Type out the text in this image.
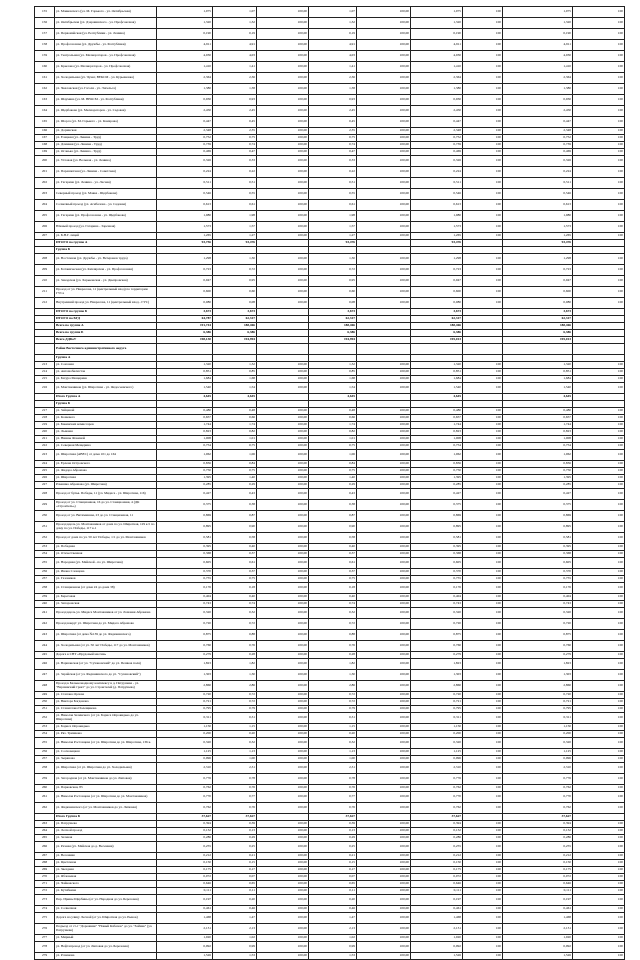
155	ул. Маяковского (ул. М. Горького - ул. Октябрьская)	1,075	1,07	100,00	1,07	100,00	1,075	100	1,075	100
156	ул. Октябрьская (ул. Дзержинского - ул. Профсоюзная)	1,320	1,32	100,00	1,32	100,00	1,320	100	1,320	100
157	ул. Первомайская (ул. Республики - ул. Ленина)	0,190	0,19	100,00	0,19	100,00	0,190	100	0,190	100
158	ул. Профсоюзная (ул. Дружбы - ул. Республики)	4,911	4,91	100,00	4,91	100,00	4,911	100	4,911	100
159	ул. Театральная (ул. Мелиораторов - ул. Профсоюзная)	4,030	4,03	100,00	4,03	100,00	4,030	100	4,030	100
160	ул. Крылова (ул. Мелиораторов - ул. Профсоюзная)	1,410	1,41	100,00	1,41	100,00	1,410	100	1,410	100
161	ул. Холодильная (ул. Чунаг, ВЕКСМ - ул. Курьяновка)	2,364	2,36	100,00	2,36	100,00	2,364	100	2,364	100
162	ул. Чкаловская (ул. Гоголя - ул. Энгельса)	1,380	1,38	100,00	1,38	100,00	1,380	100	1,380	100
163	ул. Шаумяна (ул. М. ВЕКСМ - ул. Республики)	0,930	0,93	100,00	0,93	100,00	0,930	100	0,930	100
164	ул. Щербакова (ул. Мелиораторов - ул. Садовая)	2,450	2,45	100,00	2,45	100,00	2,450	100	2,450	100
165	ул. Шорса (ул. М. Горького - ул. Комарова)	0,447	0,45	100,00	0,45	100,00	0,447	100	0,447	100
166	ул. Доринская	2,348	2,35	100,00	2,35	100,00	2,348	100	2,348	100
167	ул. Елецкая (ул. Ленина - Труд)	0,752	0,75	100,00	0,75	100,00	0,752	100	0,752	100
168	ул. Длинная (ул. Ленина - Труд)	0,739	0,74	100,00	0,74	100,00	0,739	100	0,739	100
169	ул. Огонька (ул. Ленина - Труд)	0,469	0,47	100,00	0,47	100,00	0,469	100	0,469	100
200	ул. Угловая (ул. Вольная - ул. Ленина)	0,326	0,33	100,00	0,33	100,00	0,326	100	0,326	100
201	ул. Парашютная (ул. Ленина - Советская)	0,224	0,22	100,00	0,22	100,00	0,224	100	0,224	100
202	ул. Гагарина (ул. Ленина - ул. Лесная)	0,511	0,51	100,00	0,51	100,00	0,511	100	0,511	100
203	Северный проезд (ул. Маяка - Щербакова)	0,546	0,55	100,00	0,55	100,00	0,546	100	0,546	100
204	Солнечный проезд (ул. Агибалова - ул. Садовая)	0,613	0,61	100,00	0,61	100,00	0,613	100	0,613	100
205	ул. Гагарина (ул. Профсоюзная - ул. Щербакова)	1,980	1,98	100,00	1,98	100,00	1,980	100	1,980	100
206	Южный проезд (ул. Гагарина - Заречная)	1,573	1,57	100,00	1,57	100,00	1,573	100	1,573	100
207	ул. Б.Н.Г. лицей	1,265	1,27	100,00	1,27	100,00	1,265	100	1,265	100
	ИТОГО по группе А	93,756	93,476		93,476		93,476		93,476	
	Группа Б									
208	ул. Восточная (ул. Дружбы - ул. Ветеранов труда)	1,298	1,30	100,00	1,30	100,00	1,298	100	1,298	100
209	ул. Ботаническая (ул. Кизлярская - ул. Профсоюзная)	0,723	0,72	100,00	0,72	100,00	0,723	100	0,723	100
210	ул. Заводская (ул. Харьковская - ул. Днепровская)	0,947	0,95	100,00	0,95	100,00	0,947	100	0,947	100
211	Проезд от ул. Некрасова, 11 (центральный вход) по территории ГУСа	0,600	0,60	100,00	0,60	100,00	0,600	100	0,600	100
212	Внутренний проезд ул. Некрасова, 11 (центральный вход - ГУС)	0,080	0,08	100,00	0,08	100,00	0,080	100	0,080	100
	ИТОГО по группе Б	3,673	3,673		3,673		3,673		3,673	
	ИТОГО по БГД	64,787	62,317		62,317		62,317		62,317	
	Всего по группе А	191,744	188,466		188,466		188,466		188,466	
	Всего по группе Б	6,386	6,386		6,386		6,386		6,386	
	Всего ДДБоУ	198,130	194,994		194,994		195,013		195,013	
	Район Восточного административного округа									
	Группа А									
213	ул. Союзная	1,320	1,32	100,00	1,32	100,00	1,320	100	1,320	100
214	ул. Автомобилистов	0,851	0,85	100,00	0,85	100,00	0,851	100	0,851	100
215	ул. Батура Мещерина	1,684	1,68	100,00	1,68	100,00	1,684	100	1,684	100
216	ул. Монтажников (ул. Широтная - ул. Федосеевского)	1,540	1,54	100,00	1,54	100,00	1,540	100	1,540	100
	Итого Группа А	4,645	4,645		4,645		4,645		4,645	
	Группа Б									
217	ул. Зайцевой	0,480	0,48	100,00	0,48	100,00	0,480	100	0,480	100
218	ул. Кошевого	0,657	0,66	100,00	0,66	100,00	0,657	100	0,657	100
219	ул. Бакинских комиссаров	1,744	1,74	100,00	1,74	100,00	1,744	100	1,744	100
220	ул. Лыжная	0,823	0,82	100,00	0,82	100,00	0,823	100	0,823	100
221	ул. Ниины Фокиной	1,008	1,01	100,00	1,01	100,00	1,008	100	1,008	100
222	ул. Северная Мещерина	0,754	0,75	100,00	0,75	100,00	0,754	100	0,754	100
223	ул. Широтная (АВЕС) от дома 101 до 164	1,062	1,06	100,00	1,06	100,00	1,062	100	1,062	100
224	ул. Ерлена Островского	0,836	0,84	100,00	0,84	100,00	0,836	100	0,836	100
225	ул. Федора Абрамова	0,750	0,75	100,00	0,75	100,00	0,750	100	0,750	100
226	ул. Широтная	1,395	1,40	100,00	1,40	100,00	1,395	100	1,395	100
227	Ромашка Абрамова (ул. Широтная)	0,285	0,29	100,00	0,29	100,00	0,285	100	0,285	100
228	Проезд от бульв. Победы, 11 (ул. Мидаса - ул. Широтная, 116)	0,427	0,43	100,00	0,43	100,00	0,427	100	0,427	100
229	Проезд от ул. Станционная, 16 до ул. Станционная, 4 (ДК «Строитель»)	0,375	0,38	100,00	0,38	100,00	0,375	100	0,375	100
230	Проезд от ул. Витаминная, 23 до ул. Станционная, 11	0,869	0,87	100,00	0,87	100,00	0,869	100	0,869	100
231	Проезд вдоль ул. Монтажников от дома по ул. Широтная, 129 к.5 по дому по ул. Победы, 117 к.1	0,895	0,90	100,00	0,90	100,00	0,895	100	0,895	100
232	Проезд от дома по ул. 50 лет Победы, 1/1 до ул. Монтажников	0,581	0,58	100,00	0,58	100,00	0,581	100	0,581	100
233	ул. Победная	0,395	0,40	100,00	0,40	100,00	0,395	100	0,395	100
234	ул. Отечественная	0,368	0,37	100,00	0,37	100,00	0,368	100	0,368	100
235	ул. Народная (ул. Майской - по ул. Широтная)	0,605	0,61	100,00	0,61	100,00	0,605	100	0,605	100
236	ул. Ивана Словцова	0,370	0,37	100,00	0,37	100,00	0,370	100	0,370	100
237	ул. Газовиков	0,755	0,75	100,00	0,75	100,00	0,755	100	0,755	100
238	ул. Станционная (от дома 24 до дома 38)	0,176	0,18	100,00	0,18	100,00	0,176	100	0,176	100
239	ул. Береговая	0,404	0,40	100,00	0,40	100,00	0,404	100	0,404	100
240	ул. Запорожская	0,743	0,74	100,00	0,74	100,00	0,743	100	0,743	100
241	Проезд вдоль ул. Мидаса Монтажников от ул. Ломаная Абрамова	0,320	0,32	100,00	0,32	100,00	0,320	100	0,320	100
242	Проезд вокруг ул. Широтная до ул. Мидаса Абрамова	0,720	0,72	100,00	0,72	100,00	0,720	100	0,720	100
243	ул. Широтная (от дома №139 до ул. Федюнинского)	0,875	0,88	100,00	0,88	100,00	0,875	100	0,875	100
244	ул. Холодильная (от ул. 50 лет Победы, 117 до ул. Монтажников)	0,760	0,76	100,00	0,76	100,00	0,760	100	0,760	100
245	Дорога к СНТ «Прудовый массив»	0,279	0,28	100,00	0,28	100,00	0,279	100	0,279	100
246	ул. Варшавская (от ул. "Сухановский" до ул. Пешков поля)	1,823	1,82	100,00	1,82	100,00	1,823	100	1,823	100
247	ул. Зарайская (от ул. Федюнинского до ул. "Сухановский")	1,303	1,30	100,00	1,30	100,00	1,303	100	1,303	100
248	Проезд к Бальнеоводному комплексу в д. Патрушева - ул. "Варшавский тракт" до ул. Строителей (д. Патрушева)	2,860	2,86	100,00	2,86	100,00	2,860	100	2,860	100
249	ул. Степана Орлова	0,720	0,72	100,00	0,72	100,00	0,720	100	0,720	100
250	ул. Виктора Богданова	0,721	0,72	100,00	0,72	100,00	0,721	100	0,721	100
251	ул. Станислава Полещикова	0,795	0,79	100,00	0,79	100,00	0,795	100	0,795	100
252	ул. Николая Зелинского (от ул. Бориса Опрокидько до ул. Широтная)	0,311	0,31	100,00	0,31	100,00	0,311	100	0,311	100
253	ул. Бориса Опрокидько	1,150	1,15	100,00	1,15	100,00	1,150	100	1,150	100
254	ул. Ряз. Тришкова	0,200	0,20	100,00	0,20	100,00	0,200	100	0,200	100
255	ул. Николая Ростовцева (от ул. Широтная до ул. Широтная, 136 к.	0,320	0,32	100,00	0,32	100,00	0,320	100	0,320	100
256	ул. Сосновецкая	1,125	1,13	100,00	1,13	100,00	1,125	100	1,125	100
257	ул. Зырянова	0,996	1,00	100,00	1,00	100,00	0,996	100	0,996	100
258	ул. Широтная (от ул. Широтная до ул. Холодильная)	2,310	2,31	100,00	2,31	100,00	2,310	100	2,310	100
259	ул. Загородная (от ул. Монтажников до ул. Липовая)	0,776	0,78	100,00	0,78	100,00	0,776	100	0,776	100
260	ул. Парковская, 83	0,762	0,76	100,00	0,76	100,00	0,762	100	0,762	100
261	ул. Николая Ростовцева (от ул. Широтная до ул. Монтажников)	0,770	0,77	100,00	0,77	100,00	0,770	100	0,770	100
262	ул. Федюнинского (от ул. Монтажников до ул. Липовая)	0,762	0,76	100,00	0,76	100,00	0,762	100	0,762	100
	Итого Группа Б	37,627	37,627		37,627		37,627		37,627	
263	ул. Патрушева	0,394	0,39	100,00	0,39	100,00	0,394	100	0,394	100
264	ул. Лесной проезд	0,132	0,13	100,00	0,13	100,00	0,132	100	0,132	100
265	ул. Зеленая	0,286	0,29	100,00	0,29	100,00	0,286	100	0,286	100
266	ул. Речная (ул. Майская до д. Весенняя)	0,255	0,25	100,00	0,25	100,00	0,255	100	0,255	100
267	ул. Весенняя	0,212	0,21	100,00	0,21	100,00	0,212	100	0,212	100
268	ул. Цветочная	0,150	0,15	100,00	0,15	100,00	0,150	100	0,150	100
269	ул. Звездная	0,175	0,17	100,00	0,17	100,00	0,175	100	0,175	100
270	ул. Яблоневая	0,072	0,07	100,00	0,07	100,00	0,072	100	0,072	100
271	ул. Чайковского	0,646	0,65	100,00	0,65	100,00	0,646	100	0,646	100
272	ул. Кутябкина	0,111	0,11	100,00	0,11	100,00	0,111	100	0,111	100
273	Пер. Ирины Щербины (от ул. Народная до ул. Березовая)	0,197	0,20	100,00	0,20	100,00	0,197	100	0,197	100
274	ул. Солнечная	0,461	0,46	100,00	0,46	100,00	0,461	100	0,461	100
275	Дорога на улицу Лесной (от ул. Широтная до ул. Рынок)	1,468	1,47	100,00	1,47	100,00	1,468	100	1,468	100
276	Подъезд от ст-т "Дорожник" "Новый Кабачок" до ул. "Зайчик" (ул. Патрушева)	2,131	2,13	100,00	2,13	100,00	2,131	100	2,131	100
277	ул. Мирный	1,020	1,02	100,00	1,02	100,00	1,020	100	1,020	100
278	ул. Нефтепровод (от ул. Липовая до ул. Березовая)	0,992	0,99	100,00	0,99	100,00	0,992	100	0,992	100
279	ул. Рохинова	1,526	1,53	100,00	1,53	100,00	1,526	100	1,526	100
